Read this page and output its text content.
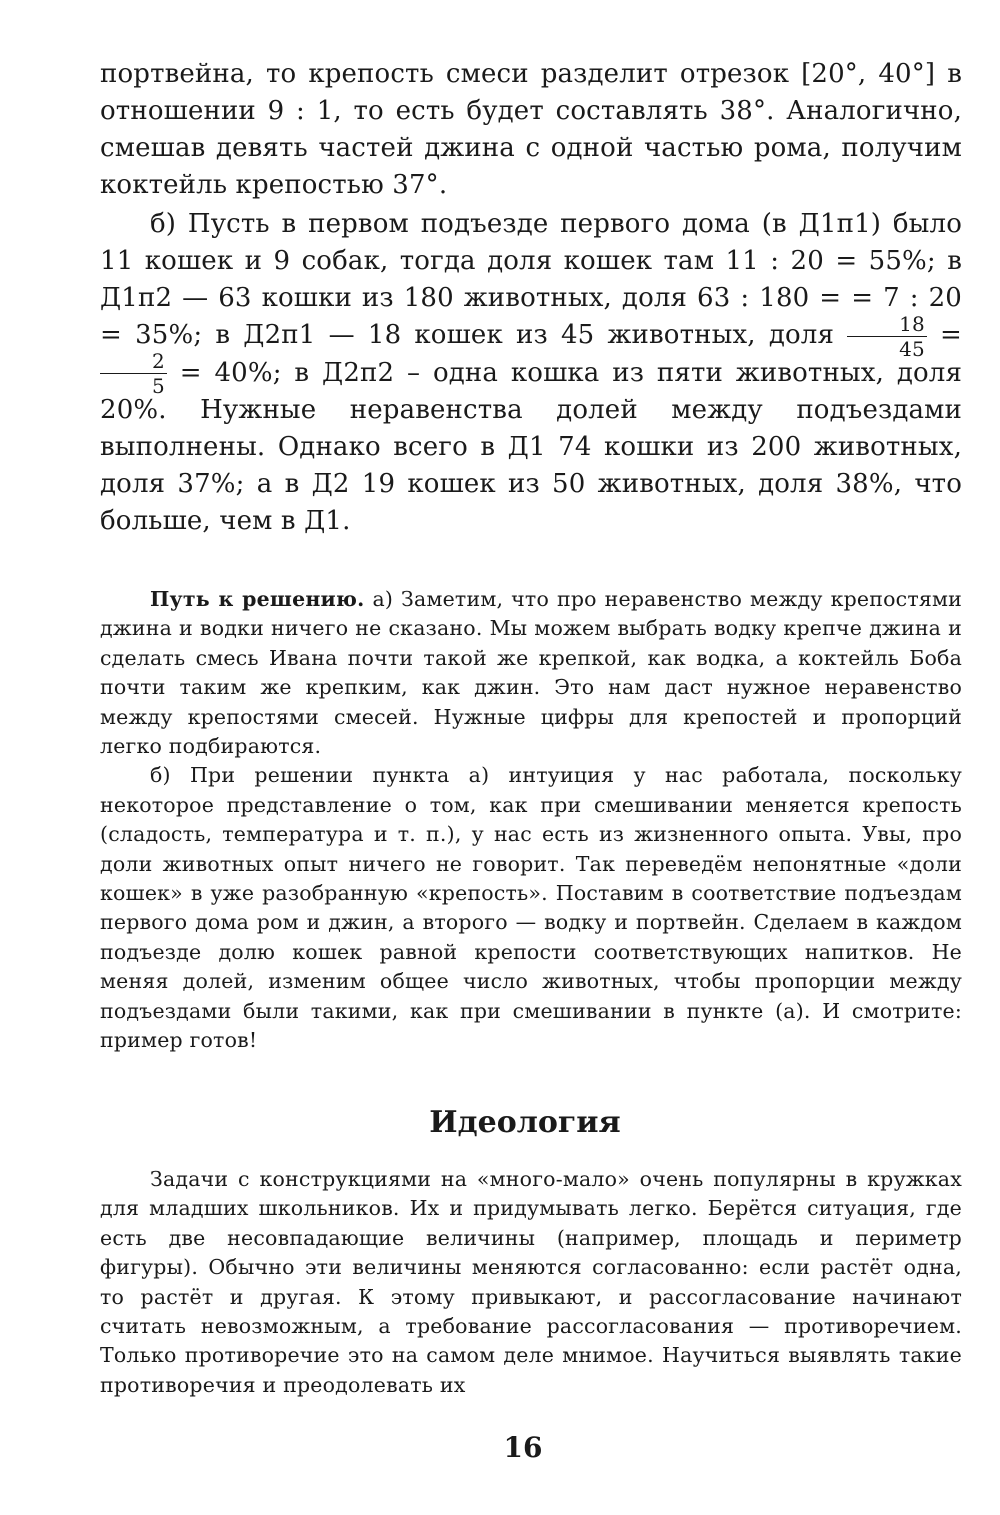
портвейна, то крепость смеси разделит отрезок [20°, 40°] в отношении 9 : 1, то есть будет составлять 38°. Аналогично, смешав девять частей джина с одной частью рома, получим коктейль крепостью 37°.

б) Пусть в первом подъезде первого дома (в Д1п1) было 11 кошек и 9 собак, тогда доля кошек там 11 : 20 = 55%; в Д1п2 — 63 кошки из 180 животных, доля 63 : 180 = = 7 : 20 = 35%; в Д2п1 — 18 кошек из 45 животных, доля $\frac{18}{45}$ =
$\frac{2}{5} = 40\%$; в Д2п2 – одна кошка из пяти животных, доля 20%. Нужные неравенства долей между подъездами выполнены. Однако всего в Д1 74 кошки из 200 животных, доля 37%; а в Д2 19 кошек из 50 животных, доля 38%, что больше, чем в Д1.

Путь к решению. а) Заметим, что про неравенство между крепостями джина и водки ничего не сказано. Мы можем выбрать водку крепче джина и сделать смесь Ивана почти такой же крепкой, как водка, а коктейль Боба почти таким же крепким, как джин. Это нам даст нужное неравенство между крепостями смесей. Нужные цифры для крепостей и пропорций легко подбираются.

б) При решении пункта а) интуиция у нас работала, поскольку некоторое представление о том, как при смешивании меняется крепость (сладость, температура и т. п.), у нас есть из жизненного опыта. Увы, про доли животных опыт ничего не говорит. Так переведём непонятные «доли кошек» в уже разобранную «крепость». Поставим в соответствие подъездам первого дома ром и джин, а второго — водку и портвейн. Сделаем в каждом подъезде долю кошек равной крепости соответствующих напитков. Не меняя долей, изменим общее число животных, чтобы пропорции между подъездами были такими, как при смешивании в пункте (а). И смотрите: пример готов!

Идеология

Задачи с конструкциями на «много-мало» очень популярны в кружках для младших школьников. Их и придумывать легко. Берётся ситуация, где есть две несовпадающие величины (например, площадь и периметр фигуры). Обычно эти величины меняются согласованно: если растёт одна, то растёт и другая. К этому привыкают, и рассогласование начинают считать невозможным, а требование рассогласования — противоречием. Только противоречие это на самом деле мнимое. Научиться выявлять такие противоречия и преодолевать их

16
